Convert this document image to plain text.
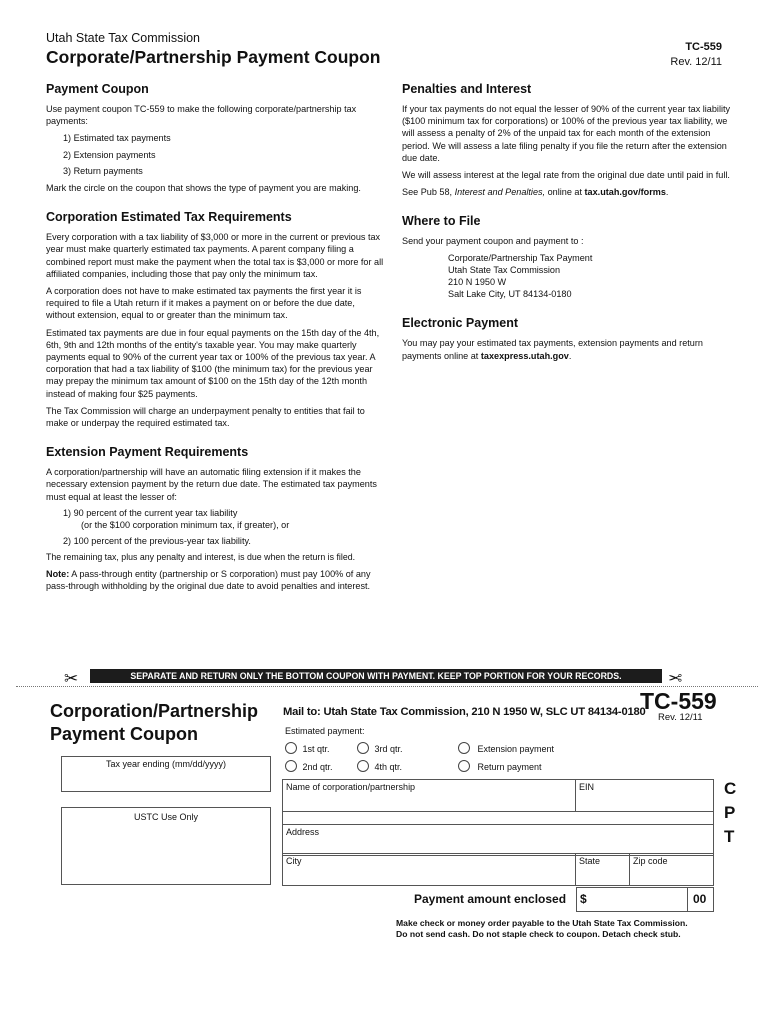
Utah State Tax Commission
Corporate/Partnership Payment Coupon	TC-559
Rev. 12/11
Payment Coupon

Use payment coupon TC-559 to make the following corporate/partnership tax payments:

1) Estimated tax payments
2) Extension payments
3) Return payments

Mark the circle on the coupon that shows the type of payment you are making.

Corporation Estimated Tax Requirements

Every corporation with a tax liability of $3,000 or more in the current or previous tax year must make quarterly estimated tax payments. A parent company filing a combined report must make the payment when the total tax is $3,000 or more for all affiliated companies, including those that pay only the minimum tax.

A corporation does not have to make estimated tax payments the first year it is required to file a Utah return if it makes a payment on or before the due date, without extension, equal to or greater than the minimum tax.

Estimated tax payments are due in four equal payments on the 15th day of the 4th, 6th, 9th and 12th months of the entity's taxable year. You may make quarterly payments equal to 90% of the current year tax or 100% of the previous tax year. A corporation that had a tax liability of $100 (the minimum tax) for the previous year may prepay the minimum tax amount of $100 on the 15th day of the 12th month instead of making four $25 payments.

The Tax Commission will charge an underpayment penalty to entities that fail to make or underpay the required estimated tax.

Extension Payment Requirements

A corporation/partnership will have an automatic filing extension if it makes the necessary extension payment by the return due date. The estimated tax payments must equal at least the lesser of:

1) 90 percent of the current year tax liability
(or the $100 corporation minimum tax, if greater), or
2) 100 percent of the previous-year tax liability.

The remaining tax, plus any penalty and interest, is due when the return is filed.

Note: A pass-through entity (partnership or S corporation) must pay 100% of any pass-through withholding by the original due date to avoid penalties and interest.

Penalties and Interest

If your tax payments do not equal the lesser of 90% of the current year tax liability ($100 minimum tax for corporations) or 100% of the previous year tax liability, we will assess a penalty of 2% of the unpaid tax for each month of the extension period. We will assess a late filing penalty if you file the return after the extension due date.

We will assess interest at the legal rate from the original due date until paid in full.

See Pub 58, Interest and Penalties, online at tax.utah.gov/forms.

Where to File

Send your payment coupon and payment to :

Corporate/Partnership Tax Payment
Utah State Tax Commission
210 N 1950 W
Salt Lake City, UT 84134-0180
Electronic Payment

You may pay your estimated tax payments, extension payments and return payments online at taxexpress.utah.gov.

✂	SEPARATE AND RETURN ONLY THE BOTTOM COUPON WITH PAYMENT. KEEP TOP PORTION FOR YOUR RECORDS.	✂
Corporation/Partnership
Payment Coupon
Mail to: Utah State Tax Commission, 210 N 1950 W, SLC UT 84134-0180
TC-559
Rev. 12/11
Estimated payment:
1st qtr.	3rd qtr.	Extension payment
2nd qtr.	4th qtr.	Return payment
Tax year ending (mm/dd/yyyy)
USTC Use Only
Name of corporation/partnership	EIN
Address
City	State	Zip code
C
P
T
Payment amount enclosed $	00
Make check or money order payable to the Utah State Tax Commission.
Do not send cash. Do not staple check to coupon. Detach check stub.
